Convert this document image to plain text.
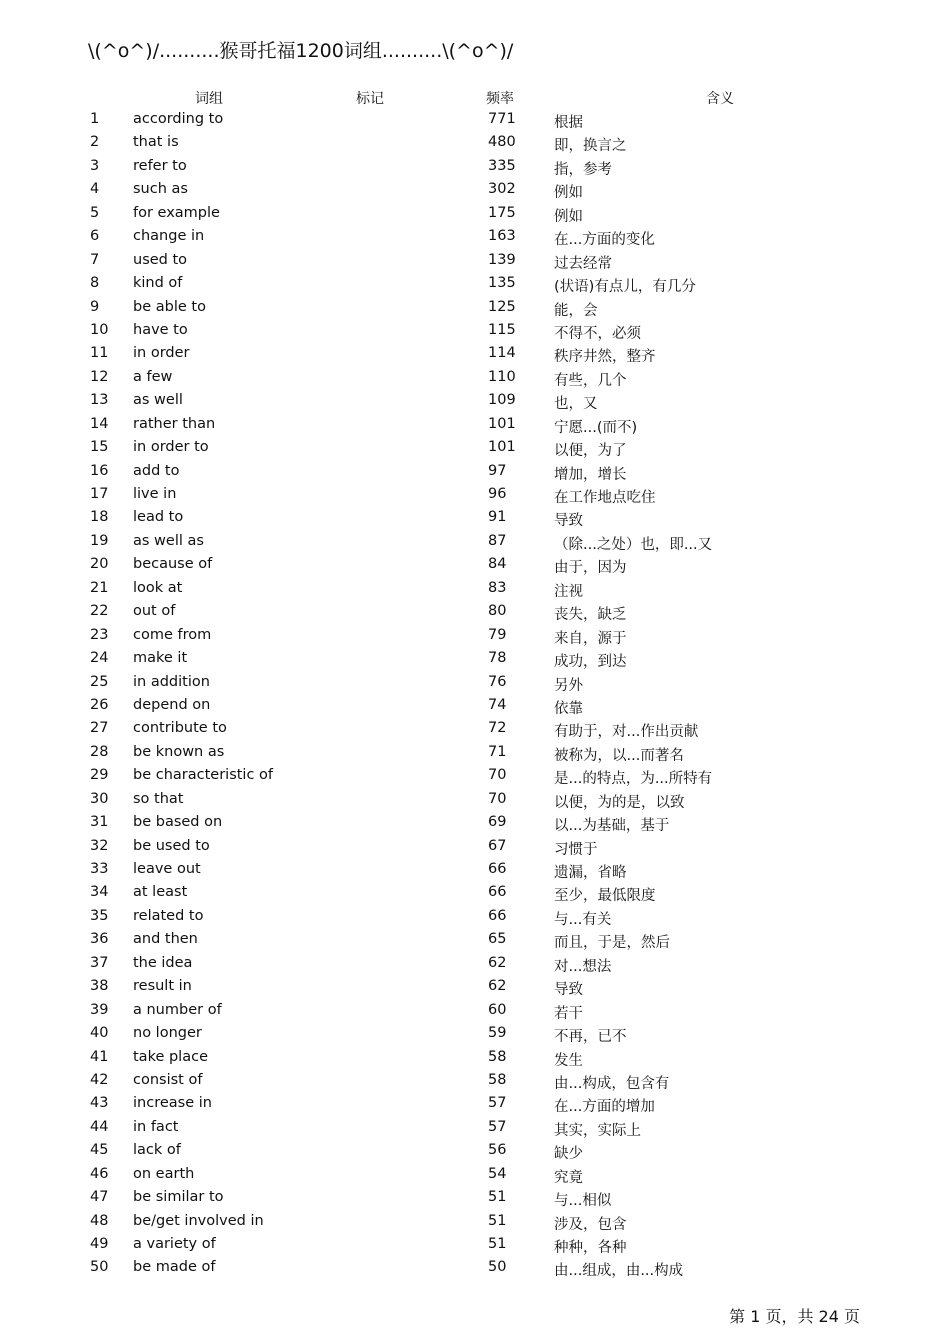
\(^o^)/..........猴哥托福1200词组..........\(^o^)/
词组	标记	频率	含义
1 according to	771	根据
2 that is	480	即，换言之
3 refer to	335	指，参考
4 such as	302	例如
5 for example	175	例如
6 change in	163	在...方面的变化
7 used to	139	过去经常
8 kind of	135	(状语)有点儿，有几分
9 be able to	125	能，会
10 have to	115	不得不，必须
11 in order	114	秩序井然，整齐
12 a few	110	有些，几个
13 as well	109	也，又
14 rather than	101	宁愿...(而不)
15 in order to	101	以便，为了
16 add to	97	增加，增长
17 live in	96	在工作地点吃住
18 lead to	91	导致
19 as well as	87	（除...之处）也，即...又
20 because of	84	由于，因为
21 look at	83	注视
22 out of	80	丧失，缺乏
23 come from	79	来自，源于
24 make it	78	成功，到达
25 in addition	76	另外
26 depend on	74	依靠
27 contribute to	72	有助于，对...作出贡献
28 be known as	71	被称为，以...而著名
29 be characteristic of	70	是...的特点，为...所特有
30 so that	70	以便，为的是，以致
31 be based on	69	以...为基础，基于
32 be used to	67	习惯于
33 leave out	66	遗漏，省略
34 at least	66	至少，最低限度
35 related to	66	与...有关
36 and then	65	而且，于是，然后
37 the idea	62	对...想法
38 result in	62	导致
39 a number of	60	若干
40 no longer	59	不再，已不
41 take place	58	发生
42 consist of	58	由...构成，包含有
43 increase in	57	在...方面的增加
44 in fact	57	其实，实际上
45 lack of	56	缺少
46 on earth	54	究竟
47 be similar to	51	与...相似
48 be/get involved in	51	涉及，包含
49 a variety of	51	种种，各种
50 be made of	50	由...组成，由...构成
第 1 页，共 24 页
